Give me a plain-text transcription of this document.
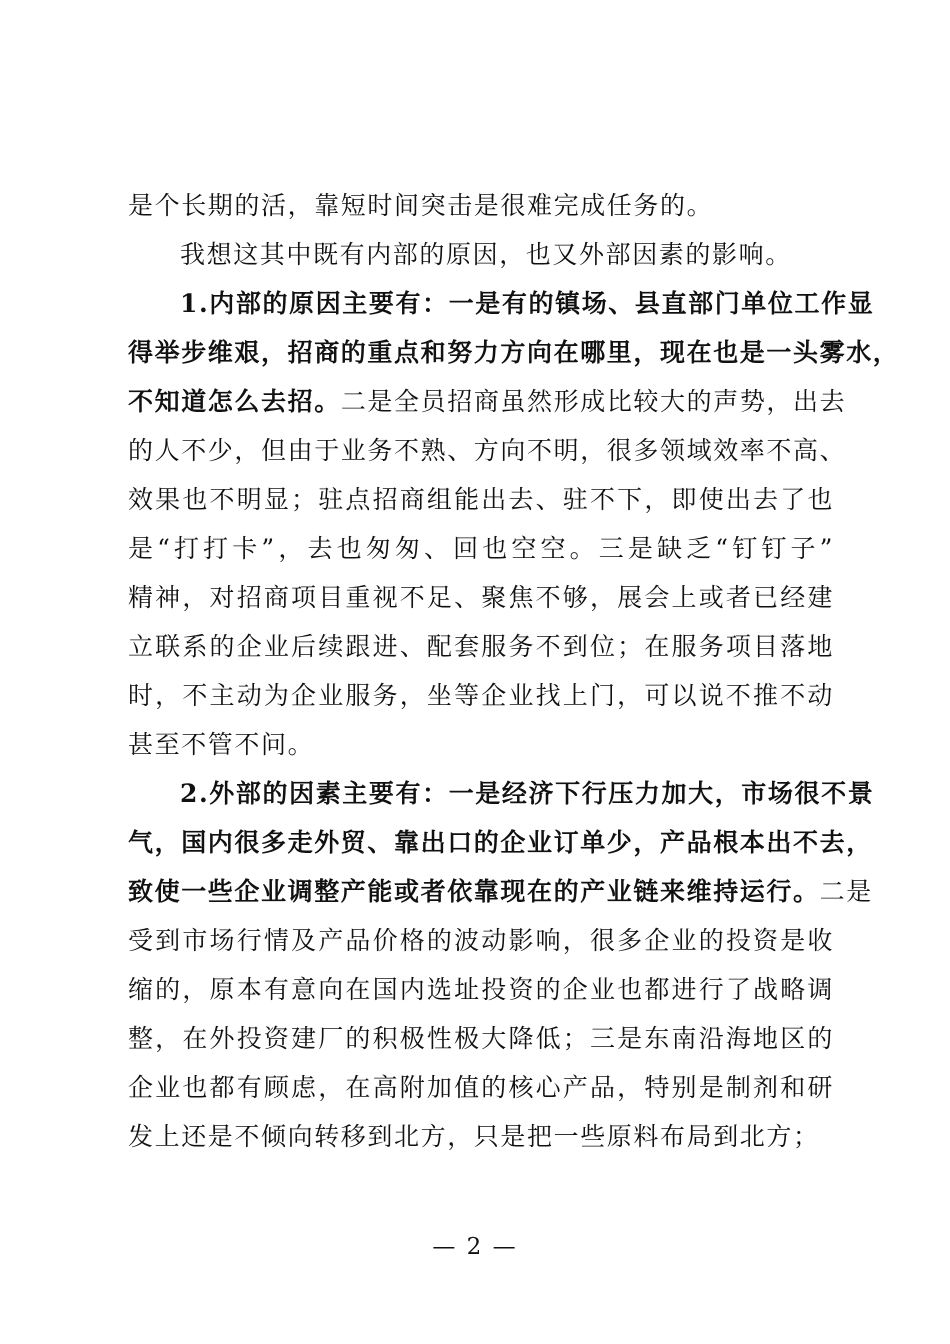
是个长期的活，靠短时间突击是很难完成任务的。
我想这其中既有内部的原因，也又外部因素的影响。
1.内部的原因主要有：一是有的镇场、县直部门单位工作显
得举步维艰，招商的重点和努力方向在哪里，现在也是一头雾水，
不知道怎么去招。二是全员招商虽然形成比较大的声势，出去
的人不少，但由于业务不熟、方向不明，很多领域效率不高、
效果也不明显；驻点招商组能出去、驻不下，即使出去了也
是“打打卡”，去也匆匆、回也空空。三是缺乏“钉钉子”
精神，对招商项目重视不足、聚焦不够，展会上或者已经建
立联系的企业后续跟进、配套服务不到位；在服务项目落地
时，不主动为企业服务，坐等企业找上门，可以说不推不动
甚至不管不问。
2.外部的因素主要有：一是经济下行压力加大，市场很不景
气，国内很多走外贸、靠出口的企业订单少，产品根本出不去，
致使一些企业调整产能或者依靠现在的产业链来维持运行。二是
受到市场行情及产品价格的波动影响，很多企业的投资是收
缩的，原本有意向在国内选址投资的企业也都进行了战略调
整，在外投资建厂的积极性极大降低；三是东南沿海地区的
企业也都有顾虑，在高附加值的核心产品，特别是制剂和研
发上还是不倾向转移到北方，只是把一些原料布局到北方；
— 2 —
